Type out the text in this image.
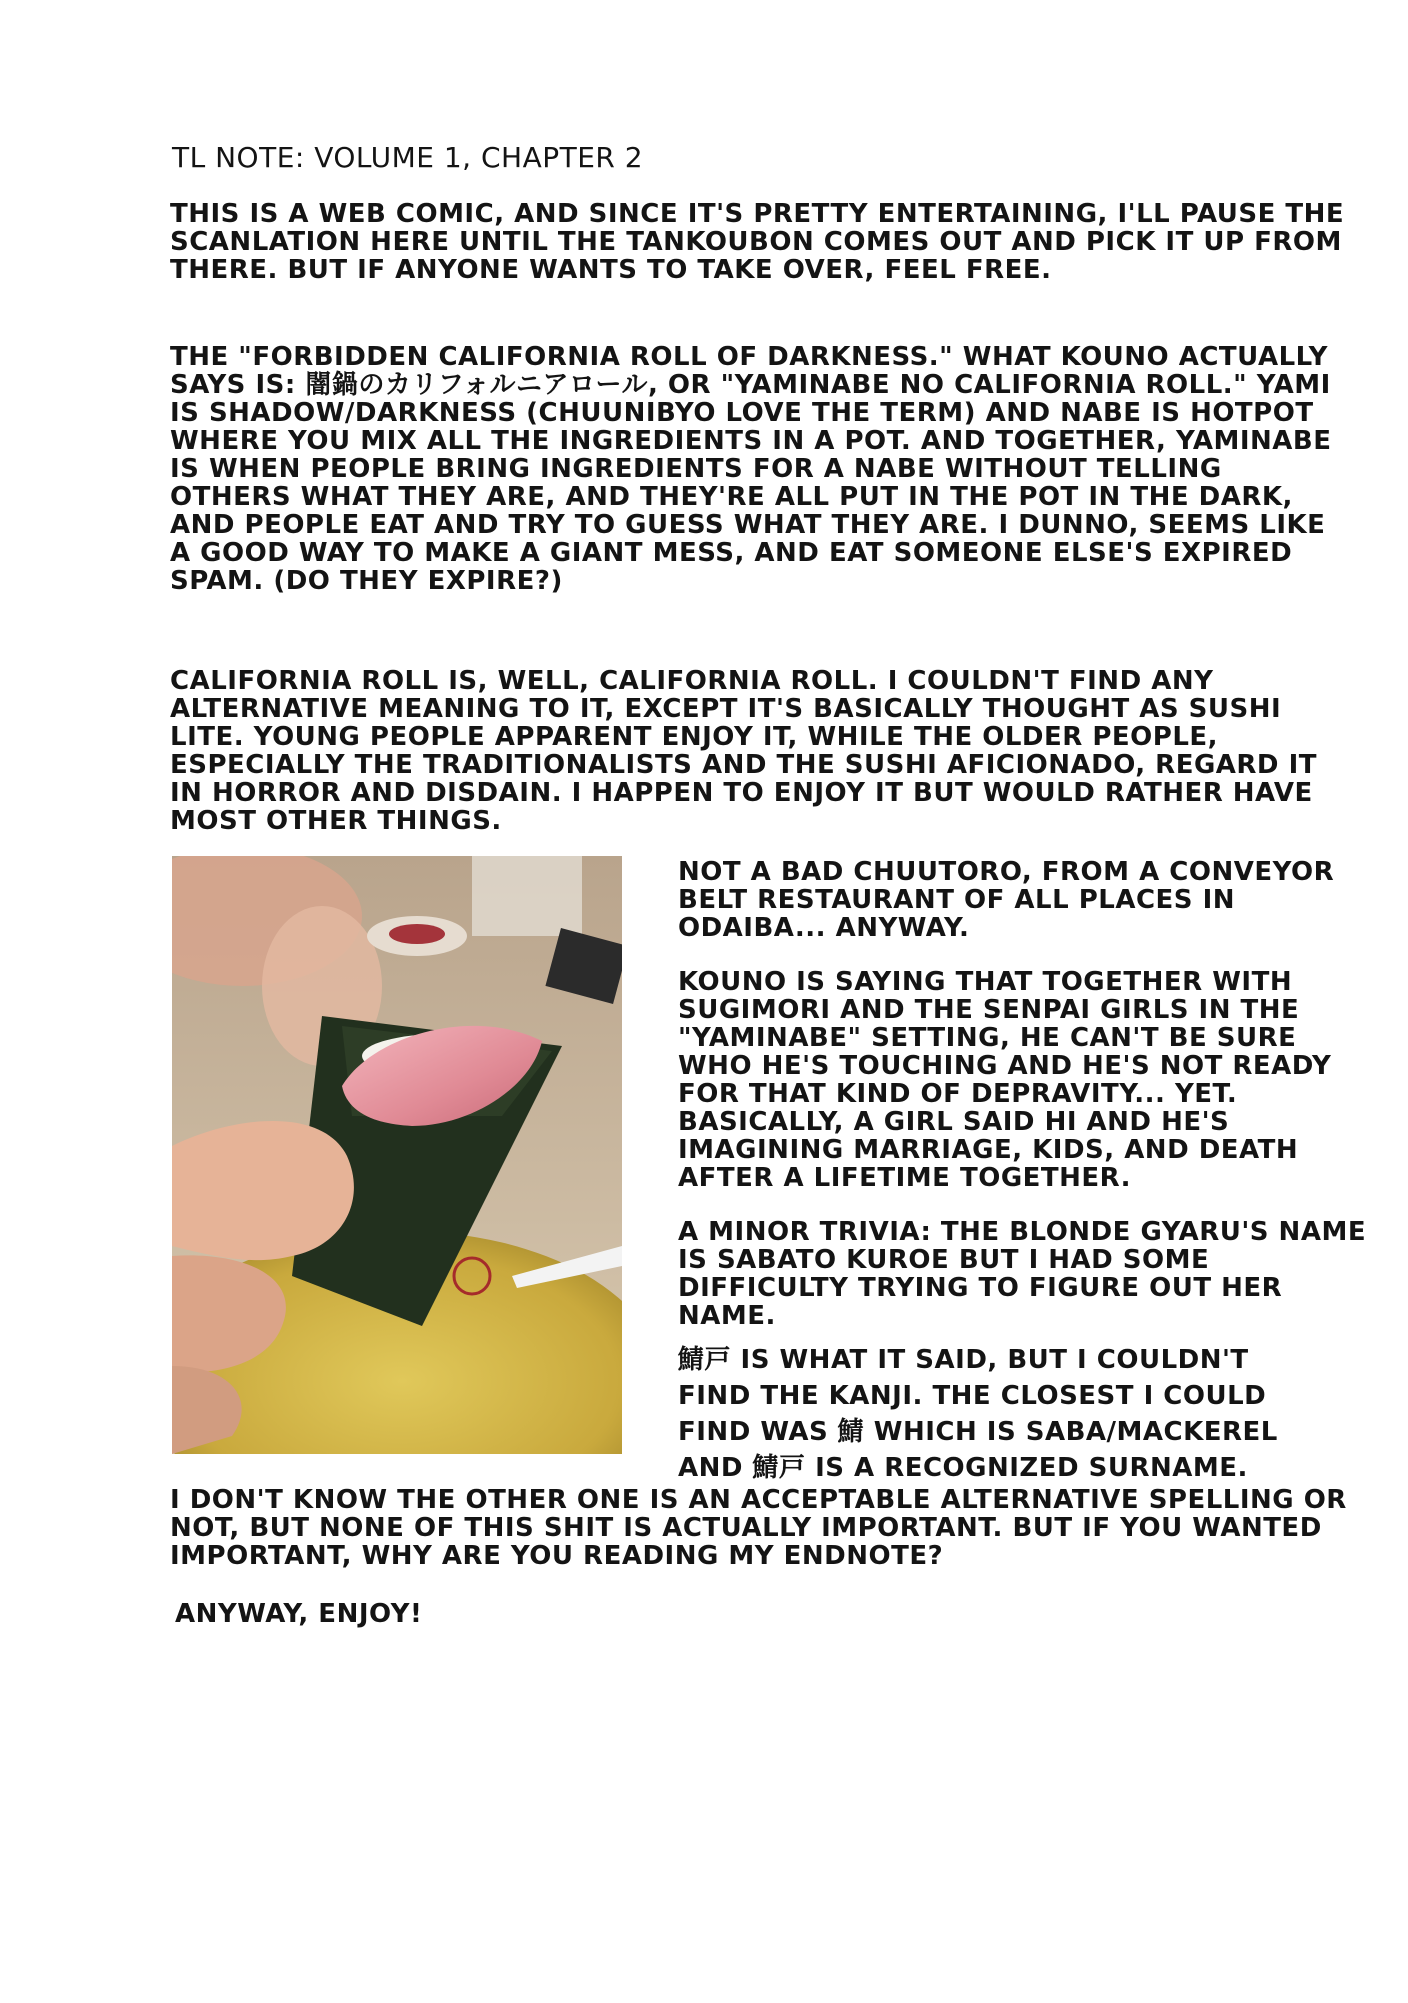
TL NOTE: VOLUME 1, CHAPTER 2

THIS IS A WEB COMIC, AND SINCE IT'S PRETTY ENTERTAINING, I'LL PAUSE THE SCANLATION HERE UNTIL THE TANKOUBON COMES OUT AND PICK IT UP FROM THERE. BUT IF ANYONE WANTS TO TAKE OVER, FEEL FREE.

THE "FORBIDDEN CALIFORNIA ROLL OF DARKNESS." WHAT KOUNO ACTUALLY SAYS IS: 闇鍋のカリフォルニアロール, OR "YAMINABE NO CALIFORNIA ROLL." YAMI IS SHADOW/DARKNESS (CHUUNIBYO LOVE THE TERM) AND NABE IS HOTPOT WHERE YOU MIX ALL THE INGREDIENTS IN A POT. AND TOGETHER, YAMINABE IS WHEN PEOPLE BRING INGREDIENTS FOR A NABE WITHOUT TELLING OTHERS WHAT THEY ARE, AND THEY'RE ALL PUT IN THE POT IN THE DARK, AND PEOPLE EAT AND TRY TO GUESS WHAT THEY ARE. I DUNNO, SEEMS LIKE A GOOD WAY TO MAKE A GIANT MESS, AND EAT SOMEONE ELSE'S EXPIRED SPAM. (DO THEY EXPIRE?)

CALIFORNIA ROLL IS, WELL, CALIFORNIA ROLL. I COULDN'T FIND ANY ALTERNATIVE MEANING TO IT, EXCEPT IT'S BASICALLY THOUGHT AS SUSHI LITE. YOUNG PEOPLE APPARENT ENJOY IT, WHILE THE OLDER PEOPLE, ESPECIALLY THE TRADITIONALISTS AND THE SUSHI AFICIONADO, REGARD IT IN HORROR AND DISDAIN. I HAPPEN TO ENJOY IT BUT WOULD RATHER HAVE MOST OTHER THINGS.

NOT A BAD CHUUTORO, FROM A CONVEYOR BELT RESTAURANT OF ALL PLACES IN ODAIBA... ANYWAY.

KOUNO IS SAYING THAT TOGETHER WITH SUGIMORI AND THE SENPAI GIRLS IN THE "YAMINABE" SETTING, HE CAN'T BE SURE WHO HE'S TOUCHING AND HE'S NOT READY FOR THAT KIND OF DEPRAVITY... YET. BASICALLY, A GIRL SAID HI AND HE'S IMAGINING MARRIAGE, KIDS, AND DEATH AFTER A LIFETIME TOGETHER.

A MINOR TRIVIA: THE BLONDE GYARU'S NAME IS SABATO KUROE BUT I HAD SOME DIFFICULTY TRYING TO FIGURE OUT HER NAME.

鯖戸 IS WHAT IT SAID, BUT I COULDN'T
FIND THE KANJI. THE CLOSEST I COULD
FIND WAS 鯖 WHICH IS SABA/MACKEREL
AND 鯖戸 IS A RECOGNIZED SURNAME.

I DON'T KNOW THE OTHER ONE IS AN ACCEPTABLE ALTERNATIVE SPELLING OR NOT, BUT NONE OF THIS SHIT IS ACTUALLY IMPORTANT. BUT IF YOU WANTED IMPORTANT, WHY ARE YOU READING MY ENDNOTE?

ANYWAY, ENJOY!
